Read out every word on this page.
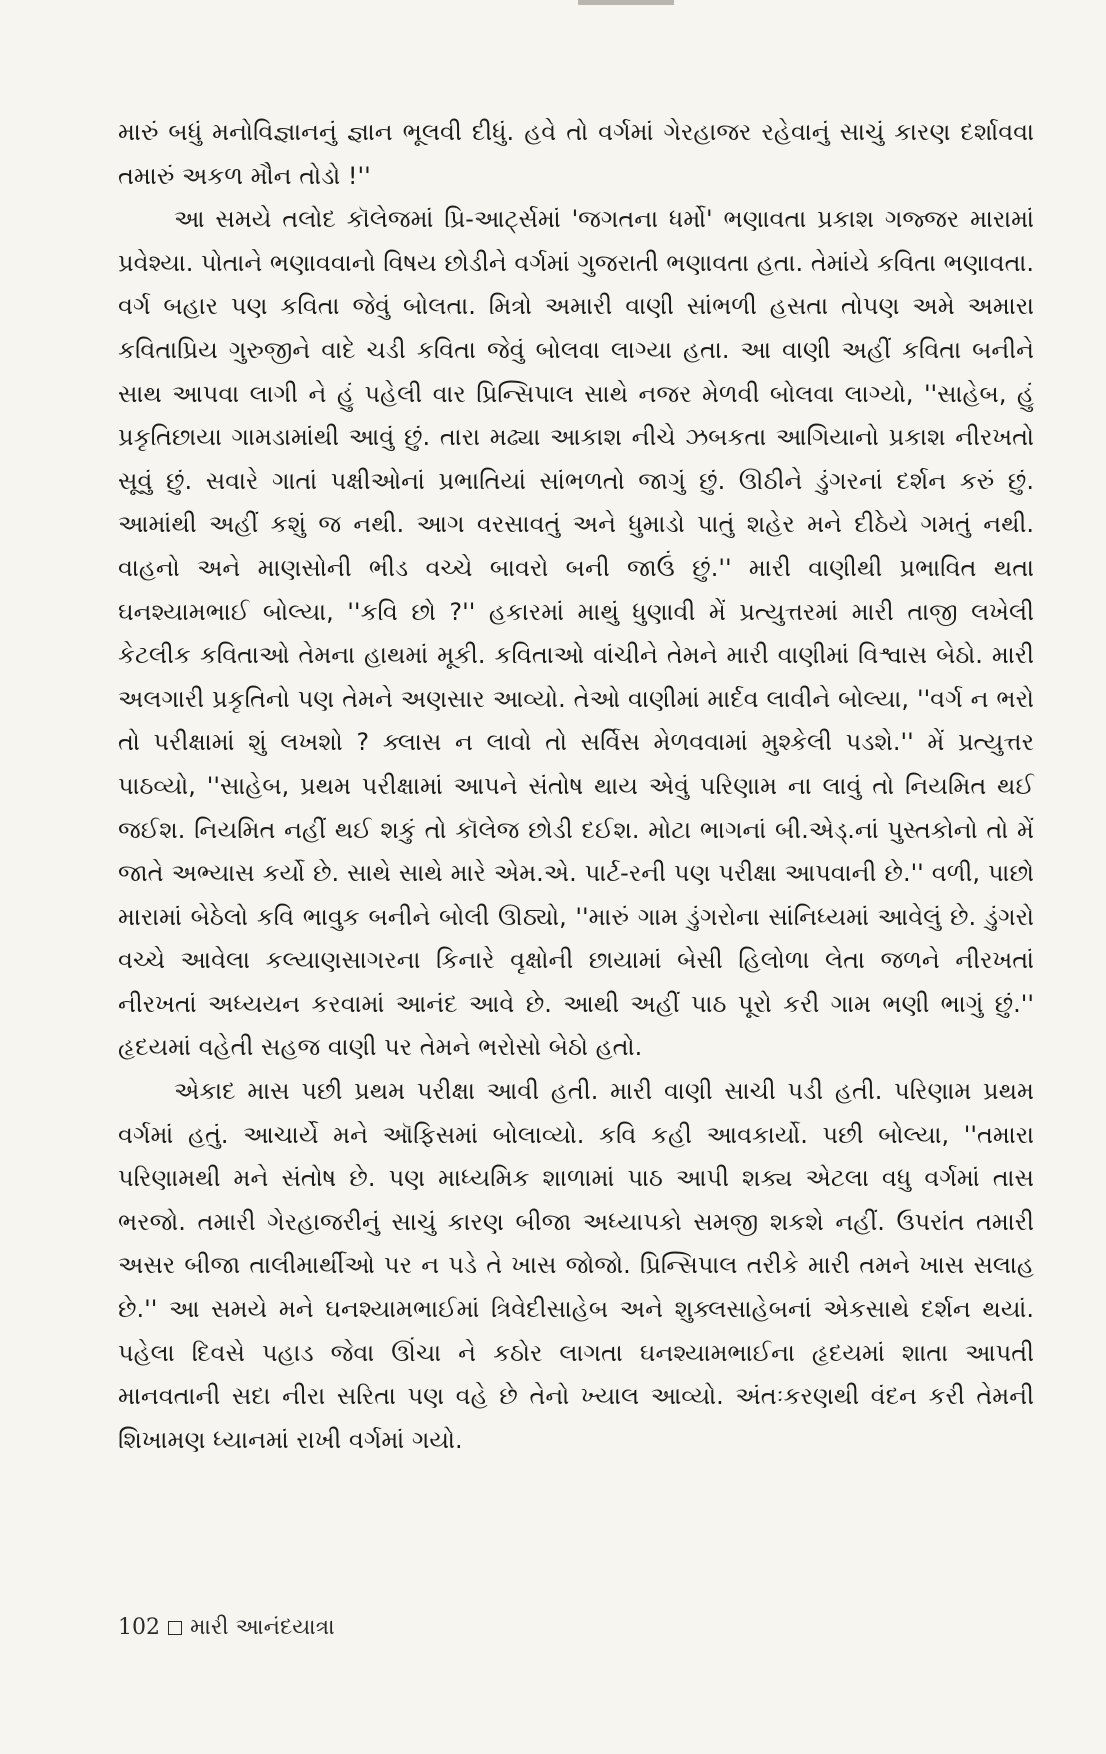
મારું બધું મનોવિજ્ઞાનનું જ્ઞાન ભૂલવી દીધું. હવે તો વર્ગમાં ગેરહાજર રહેવાનું સાચું કારણ દર્શાવવા તમારું અકળ મૌન તોડો !''

આ સમયે તલોદ કૉલેજમાં પ્રિ-આર્ટ્સમાં 'જગતના ધર્મો' ભણાવતા પ્રકાશ ગજ્જર મારામાં પ્રવેશ્યા. પોતાને ભણાવવાનો વિષય છોડીને વર્ગમાં ગુજરાતી ભણાવતા હતા. તેમાંયે કવિતા ભણાવતા. વર્ગ બહાર પણ કવિતા જેવું બોલતા. મિત્રો અમારી વાણી સાંભળી હસતા તોપણ અમે અમારા કવિતાપ્રિય ગુરુજીને વાદે ચડી કવિતા જેવું બોલવા લાગ્યા હતા. આ વાણી અહીં કવિતા બનીને સાથ આપવા લાગી ને હું પહેલી વાર પ્રિન્સિપાલ સાથે નજર મેળવી બોલવા લાગ્યો, ''સાહેબ, હું પ્રકૃતિછાયા ગામડામાંથી આવું છું. તારા મઢ્યા આકાશ નીચે ઝબકતા આગિયાનો પ્રકાશ નીરખતો સૂવું છું. સવારે ગાતાં પક્ષીઓનાં પ્રભાતિયાં સાંભળતો જાગું છું. ઊઠીને ડુંગરનાં દર્શન કરું છું. આમાંથી અહીં કશું જ નથી. આગ વરસાવતું અને ધુમાડો પાતું શહેર મને દીઠેયે ગમતું નથી. વાહનો અને માણસોની ભીડ વચ્ચે બાવરો બની જાઉં છું.'' મારી વાણીથી પ્રભાવિત થતા ઘનશ્યામભાઈ બોલ્યા, ''કવિ છો ?'' હકારમાં માથું ધુણાવી મેં પ્રત્યુત્તરમાં મારી તાજી લખેલી કેટલીક કવિતાઓ તેમના હાથમાં મૂકી. કવિતાઓ વાંચીને તેમને મારી વાણીમાં વિશ્વાસ બેઠો. મારી અલગારી પ્રકૃતિનો પણ તેમને અણસાર આવ્યો. તેઓ વાણીમાં માર્દવ લાવીને બોલ્યા, ''વર્ગ ન ભરો તો પરીક્ષામાં શું લખશો ? ક્લાસ ન લાવો તો સર્વિસ મેળવવામાં મુશ્કેલી પડશે.'' મેં પ્રત્યુત્તર પાઠવ્યો, ''સાહેબ, પ્રથમ પરીક્ષામાં આપને સંતોષ થાય એવું પરિણામ ના લાવું તો નિયમિત થઈ જઈશ. નિયમિત નહીં થઈ શકું તો કૉલેજ છોડી દઈશ. મોટા ભાગનાં બી.એડ્.નાં પુસ્તકોનો તો મેં જાતે અભ્યાસ કર્યો છે. સાથે સાથે મારે એમ.એ. પાર્ટ-રની પણ પરીક્ષા આપવાની છે.'' વળી, પાછો મારામાં બેઠેલો કવિ ભાવુક બનીને બોલી ઊઠ્યો, ''મારું ગામ ડુંગરોના સાંનિધ્યમાં આવેલું છે. ડુંગરો વચ્ચે આવેલા કલ્યાણસાગરના કિનારે વૃક્ષોની છાયામાં બેસી હિલોળા લેતા જળને નીરખતાં નીરખતાં અધ્યયન કરવામાં આનંદ આવે છે. આથી અહીં પાઠ પૂરો કરી ગામ ભણી ભાગું છું.'' હૃદયમાં વહેતી સહજ વાણી પર તેમને ભરોસો બેઠો હતો.

એકાદ માસ પછી પ્રથમ પરીક્ષા આવી હતી. મારી વાણી સાચી પડી હતી. પરિણામ પ્રથમ વર્ગમાં હતું. આચાર્યે મને ઑફિસમાં બોલાવ્યો. કવિ કહી આવકાર્યો. પછી બોલ્યા, ''તમારા પરિણામથી મને સંતોષ છે. પણ માધ્યમિક શાળામાં પાઠ આપી શક્ય એટલા વધુ વર્ગમાં તાસ ભરજો. તમારી ગેરહાજરીનું સાચું કારણ બીજા અધ્યાપકો સમજી શકશે નહીં. ઉપરાંત તમારી અસર બીજા તાલીમાર્થીઓ પર ન પડે તે ખાસ જોજો. પ્રિન્સિપાલ તરીકે મારી તમને ખાસ સલાહ છે.'' આ સમયે મને ઘનશ્યામભાઈમાં ત્રિવેદીસાહેબ અને શુક્લસાહેબનાં એકસાથે દર્શન થયાં. પહેલા દિવસે પહાડ જેવા ઊંચા ને કઠોર લાગતા ઘનશ્યામભાઈના હૃદયમાં શાતા આપતી માનવતાની સદા નીરા સરિતા પણ વહે છે તેનો ખ્યાલ આવ્યો. અંતઃકરણથી વંદન કરી તેમની શિખામણ ધ્યાનમાં રાખી વર્ગમાં ગયો.

102 મારી આનંદયાત્રા
